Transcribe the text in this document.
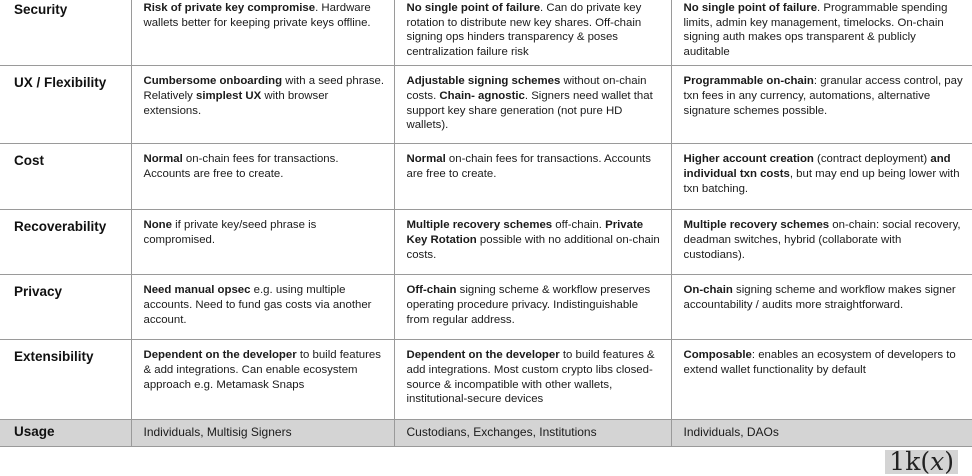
Security	Risk of private key compromise. Hardware wallets better for keeping private keys offline.	No single point of failure. Can do private key rotation to distribute new key shares. Off-chain signing ops hinders transparency & poses centralization failure risk	No single point of failure. Programmable spending limits, admin key management, timelocks. On-chain signing auth makes ops transparent & publicly auditable
UX / Flexibility	Cumbersome onboarding with a seed phrase. Relatively simplest UX with browser extensions.	Adjustable signing schemes without on-chain costs. Chain- agnostic. Signers need wallet that support key share generation (not pure HD wallets).	Programmable on-chain: granular access control, pay txn fees in any currency, automations, alternative signature schemes possible.
Cost	Normal on-chain fees for transactions. Accounts are free to create.	Normal on-chain fees for transactions. Accounts are free to create.	Higher account creation (contract deployment) and individual txn costs, but may end up being lower with txn batching.
Recoverability	None if private key/seed phrase is compromised.	Multiple recovery schemes off-chain. Private Key Rotation possible with no additional on-chain costs.	Multiple recovery schemes on-chain: social recovery, deadman switches, hybrid (collaborate with custodians).
Privacy	Need manual opsec e.g. using multiple accounts. Need to fund gas costs via another account.	Off-chain signing scheme & workflow preserves operating procedure privacy. Indistinguishable from regular address.	On-chain signing scheme and workflow makes signer accountability / audits more straightforward.
Extensibility	Dependent on the developer to build features & add integrations. Can enable ecosystem approach e.g. Metamask Snaps	Dependent on the developer to build features & add integrations. Most custom crypto libs closed-source & incompatible with other wallets, institutional-secure devices	Composable: enables an ecosystem of developers to extend wallet functionality by default
Usage	Individuals, Multisig Signers	Custodians, Exchanges, Institutions	Individuals, DAOs
1k(x)
